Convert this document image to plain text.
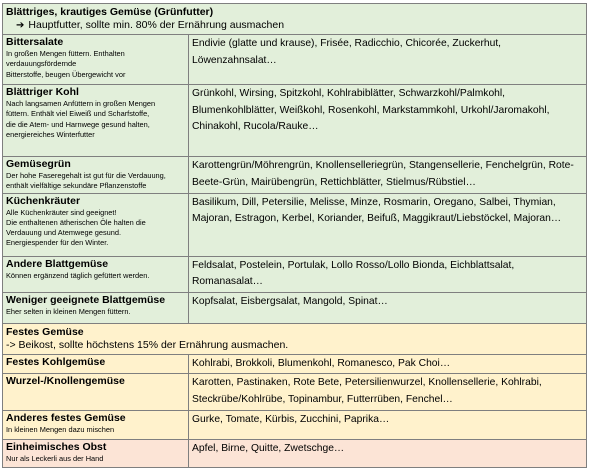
Blättriges, krautiges Gemüse (Grünfutter)
➔ Hauptfutter, sollte min. 80% der Ernährung ausmachen	

Bittersalate
In großen Mengen füttern. Enthalten
verdauungsfördernde
Bitterstoffe, beugen Übergewicht vor	Endivie (glatte und krause), Frisée, Radicchio, Chicorée, Zuckerhut, Löwenzahnsalat…

Blättriger Kohl
Nach langsamen Anfüttern in großen Mengen
füttern. Enthält viel Eiweiß und Scharfstoffe,
die die Atem- und Harnwege gesund halten,
energiereiches Winterfutter	Grünkohl, Wirsing, Spitzkohl, Kohlrabiblätter, Schwarzkohl/Palmkohl, Blumenkohlblätter, Weißkohl, Rosenkohl, Markstammkohl, Urkohl/Jaromakohl, Chinakohl, Rucola/Rauke…

Gemüsegrün
Der hohe Faseregehalt ist gut für die Verdauung,
enthält vielfältige sekundäre Pflanzenstoffe	Karottengrün/Möhrengrün, Knollenselleriegrün, Stangensellerie, Fenchelgrün, Rote-Beete-Grün, Mairübengrün, Rettichblätter, Stielmus/Rübstiel…

Küchenkräuter
Alle Küchenkräuter sind geeignet!
Die enthaltenen ätherischen Öle halten die
Verdauung und Atemwege gesund.
Energiespender für den Winter.	Basilikum, Dill, Petersilie, Melisse, Minze, Rosmarin, Oregano, Salbei, Thymian, Majoran, Estragon, Kerbel, Koriander, Beifuß, Maggikraut/Liebstöckel, Majoran…

Andere Blattgemüse
Können ergänzend täglich gefüttert werden.	Feldsalat, Postelein, Portulak, Lollo Rosso/Lollo Bionda, Eichblattsalat, Romanasalat…

Weniger geeignete Blattgemüse
Eher selten in kleinen Mengen füttern.	Kopfsalat, Eisbergsalat, Mangold, Spinat…

Festes Gemüse
-> Beikost, sollte höchstens 15% der Ernährung ausmachen.	

Festes Kohlgemüse	Kohlrabi, Brokkoli, Blumenkohl, Romanesco, Pak Choi…

Wurzel-/Knollengemüse	Karotten, Pastinaken, Rote Bete, Petersilienwurzel, Knollensellerie, Kohlrabi, Steckrübe/Kohlrübe, Topinambur, Futterrüben, Fenchel…

Anderes festes Gemüse
In kleinen Mengen dazu mischen	Gurke, Tomate, Kürbis, Zucchini, Paprika…

Einheimisches Obst
Nur als Leckerli aus der Hand	Apfel, Birne, Quitte, Zwetschge…
